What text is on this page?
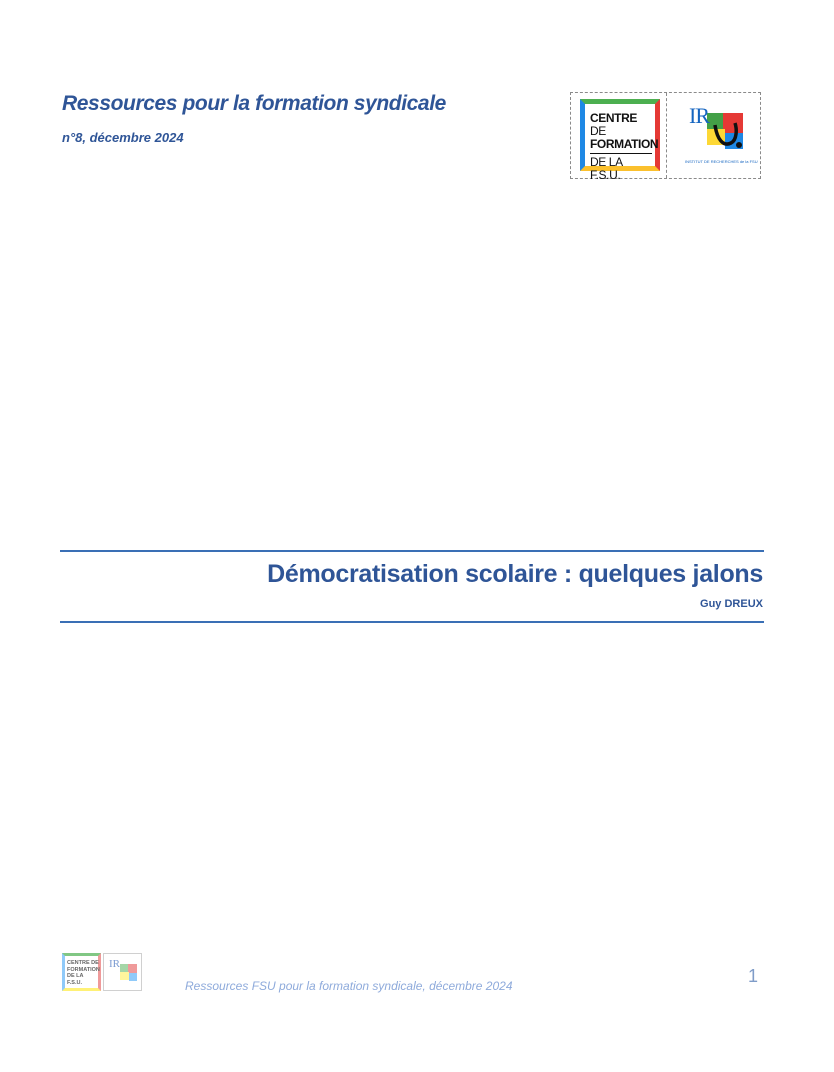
Ressources pour la formation syndicale
n°8, décembre 2024
CENTRE DE
FORMATION
DE LA F.S.U.
IR
INSTITUT DE RECHERCHES de la FSU
Démocratisation scolaire : quelques jalons
Guy DREUX
CENTRE DE
FORMATION
DE LA F.S.U.
IR
Ressources FSU pour la formation syndicale, décembre 2024	1
